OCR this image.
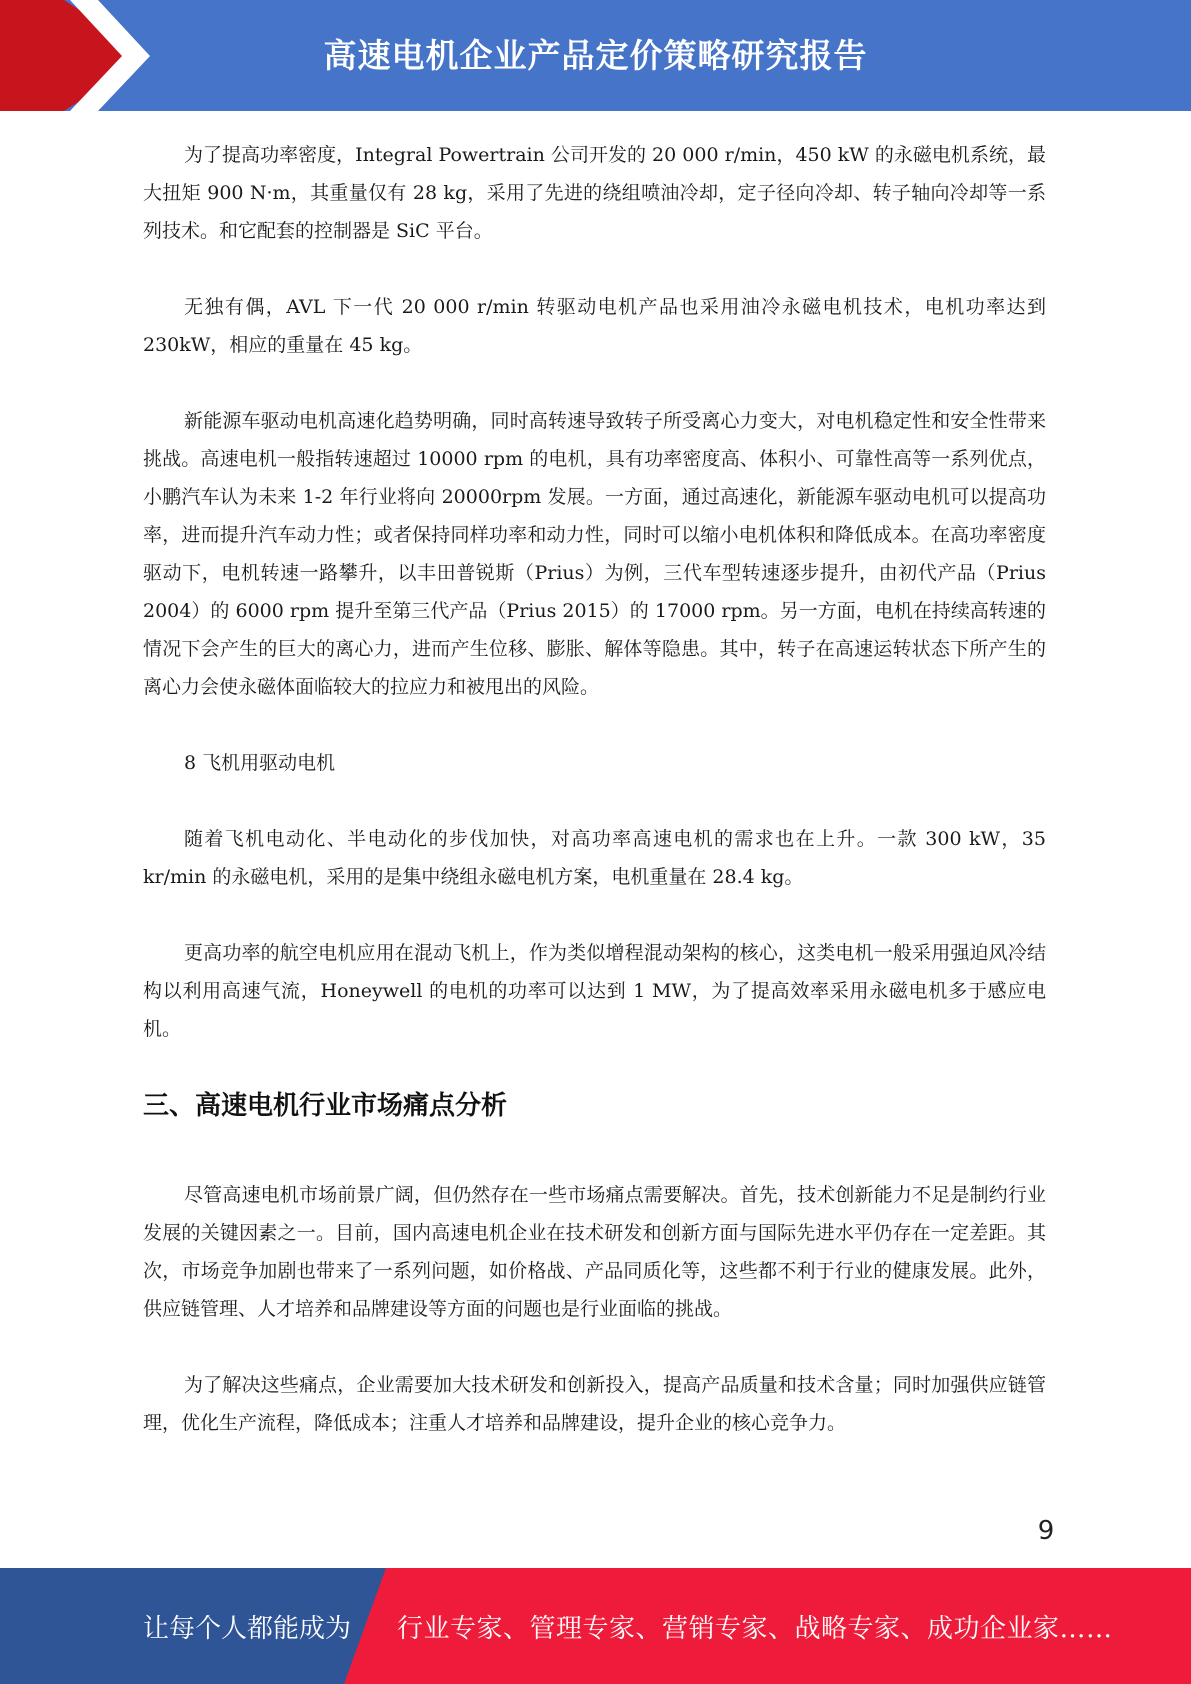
高速电机企业产品定价策略研究报告

为了提高功率密度，Integral Powertrain 公司开发的 20 000 r/min，450 kW 的永磁电机系统，最大扭矩 900 N·m，其重量仅有 28 kg，采用了先进的绕组喷油冷却，定子径向冷却、转子轴向冷却等一系列技术。和它配套的控制器是 SiC 平台。

无独有偶，AVL 下一代 20 000 r/min 转驱动电机产品也采用油冷永磁电机技术，电机功率达到 230kW，相应的重量在 45 kg。

新能源车驱动电机高速化趋势明确，同时高转速导致转子所受离心力变大，对电机稳定性和安全性带来挑战。高速电机一般指转速超过 10000 rpm 的电机，具有功率密度高、体积小、可靠性高等一系列优点，小鹏汽车认为未来 1-2 年行业将向 20000rpm 发展。一方面，通过高速化，新能源车驱动电机可以提高功率，进而提升汽车动力性；或者保持同样功率和动力性，同时可以缩小电机体积和降低成本。在高功率密度驱动下，电机转速一路攀升，以丰田普锐斯（Prius）为例，三代车型转速逐步提升，由初代产品（Prius 2004）的 6000 rpm 提升至第三代产品（Prius 2015）的 17000 rpm。另一方面，电机在持续高转速的情况下会产生的巨大的离心力，进而产生位移、膨胀、解体等隐患。其中，转子在高速运转状态下所产生的离心力会使永磁体面临较大的拉应力和被甩出的风险。

8 飞机用驱动电机

随着飞机电动化、半电动化的步伐加快，对高功率高速电机的需求也在上升。一款 300 kW，35 kr/min 的永磁电机，采用的是集中绕组永磁电机方案，电机重量在 28.4 kg。

更高功率的航空电机应用在混动飞机上，作为类似增程混动架构的核心，这类电机一般采用强迫风冷结构以利用高速气流，Honeywell 的电机的功率可以达到 1 MW，为了提高效率采用永磁电机多于感应电机。

三、高速电机行业市场痛点分析

尽管高速电机市场前景广阔，但仍然存在一些市场痛点需要解决。首先，技术创新能力不足是制约行业发展的关键因素之一。目前，国内高速电机企业在技术研发和创新方面与国际先进水平仍存在一定差距。其次，市场竞争加剧也带来了一系列问题，如价格战、产品同质化等，这些都不利于行业的健康发展。此外，供应链管理、人才培养和品牌建设等方面的问题也是行业面临的挑战。

为了解决这些痛点，企业需要加大技术研发和创新投入，提高产品质量和技术含量；同时加强供应链管理，优化生产流程，降低成本；注重人才培养和品牌建设，提升企业的核心竞争力。

9
让每个人都能成为 行业专家、管理专家、营销专家、战略专家、成功企业家……
